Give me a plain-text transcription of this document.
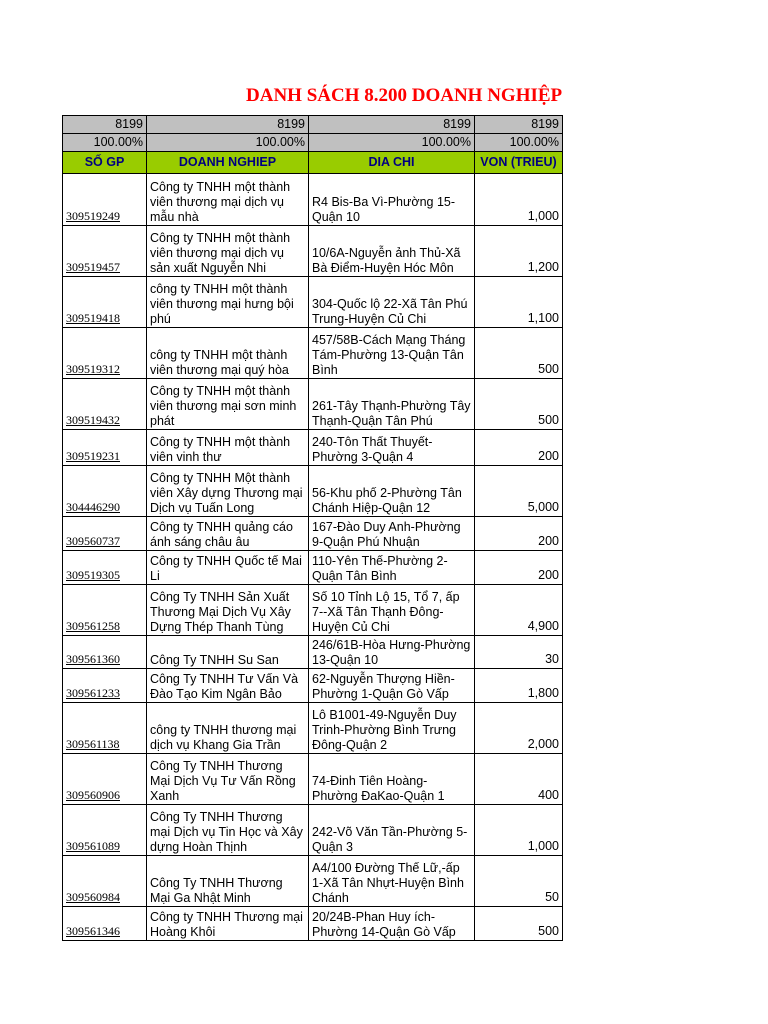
DANH SÁCH 8.200 DOANH NGHIỆP
8199	8199	8199	8199
100.00%	100.00%	100.00%	100.00%
SỐ GP	DOANH NGHIEP	DIA CHI	VON (TRIEU)
309519249	Công ty TNHH một thành viên thương mại dịch vụ mẫu nhà	R4 Bis-Ba Vì-Phường 15-Quận 10	1,000
309519457	Công ty TNHH một thành viên thương mại dịch vụ sản xuất Nguyễn Nhi	10/6A-Nguyễn ảnh Thủ-Xã Bà Điểm-Huyện Hóc Môn	1,200
309519418	công ty TNHH một thành viên thương mại hưng bội phú	304-Quốc lộ 22-Xã Tân Phú Trung-Huyện Củ Chi	1,100
309519312	công ty TNHH một thành viên thương mại quý hòa	457/58B-Cách Mạng Tháng Tám-Phường 13-Quận Tân Bình	500
309519432	Công ty TNHH một thành viên thương mại sơn minh phát	261-Tây Thạnh-Phường Tây Thạnh-Quận Tân Phú	500
309519231	Công ty TNHH một thành viên vinh thư	240-Tôn Thất Thuyết-Phường 3-Quận 4	200
304446290	Công ty TNHH Một thành viên Xây dựng Thương mại Dịch vụ Tuấn Long	56-Khu phố 2-Phường Tân Chánh Hiệp-Quận 12	5,000
309560737	Công ty TNHH quảng cáo ánh sáng châu âu	167-Đào Duy Anh-Phường 9-Quận Phú Nhuận	200
309519305	Công ty TNHH Quốc tế Mai Li	110-Yên Thế-Phường 2-Quận Tân Bình	200
309561258	Công Ty TNHH Sản Xuất Thương Mại Dịch Vụ Xây Dựng Thép Thanh Tùng	Số 10 Tỉnh Lộ 15, Tổ 7, ấp 7--Xã Tân Thạnh Đông-Huyện Củ Chi	4,900
309561360	Công Ty TNHH Su San	246/61B-Hòa Hưng-Phường 13-Quận 10	30
309561233	Công Ty TNHH Tư Vấn Và Đào Tạo Kim Ngân Bảo	62-Nguyễn Thượng Hiền-Phường 1-Quận Gò Vấp	1,800
309561138	công ty TNHH thương mại dịch vụ Khang Gia Trần	Lô B1001-49-Nguyễn Duy Trinh-Phường Bình Trưng Đông-Quận 2	2,000
309560906	Công Ty TNHH Thương Mại Dịch Vụ Tư Vấn Rồng Xanh	74-Đinh Tiên Hoàng-Phường ĐaKao-Quận 1	400
309561089	Công Ty TNHH Thương mại Dịch vụ Tin Học và Xây dựng Hoàn Thịnh	242-Võ Văn Tần-Phường 5-Quận 3	1,000
309560984	Công Ty TNHH Thương Mại Ga Nhật Minh	A4/100 Đường Thế Lữ,-ấp 1-Xã Tân Nhựt-Huyện Bình Chánh	50
309561346	Công ty TNHH Thương mại Hoàng Khôi	20/24B-Phan Huy ích-Phường 14-Quận Gò Vấp	500
